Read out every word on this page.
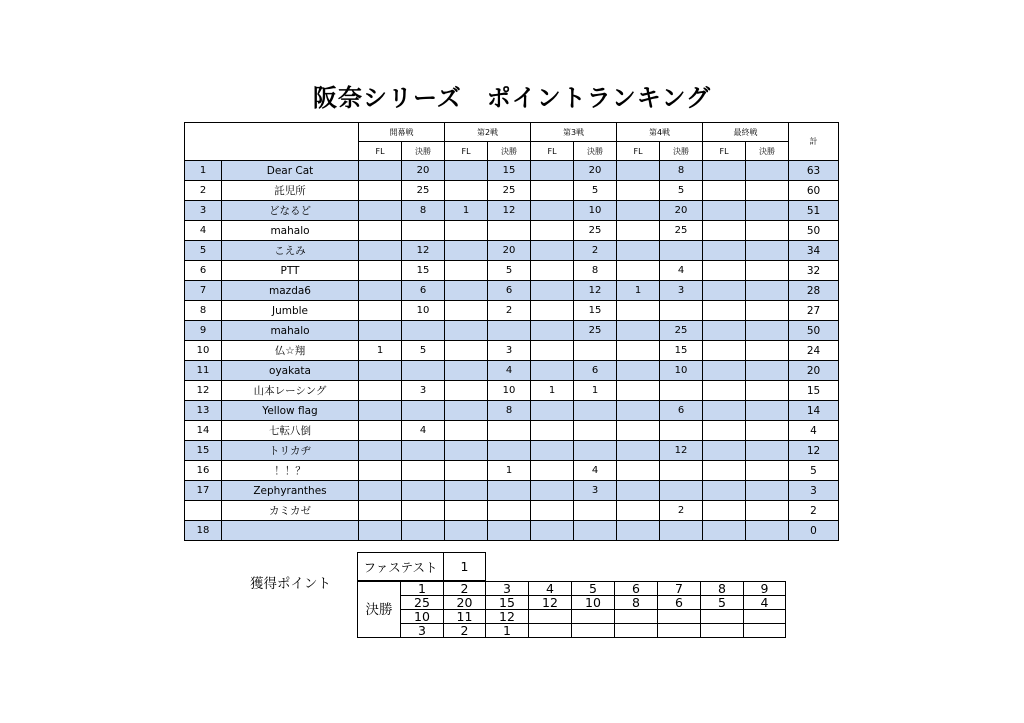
阪奈シリーズ　ポイントランキング
		開幕戦		第2戦		第3戦		第4戦		最終戦		計
		FL	決勝	FL	決勝	FL	決勝	FL	決勝	FL	決勝	
1	Dear Cat		20		15		20		8			63
2	託児所		25		25		5		5			60
3	どなるど		8	1	12		10		20			51
4	mahalo						25		25			50
5	こえみ		12		20		2					34
6	PTT		15		5		8		4			32
7	mazda6		6		6		12	1	3			28
8	Jumble		10		2		15					27
9	mahalo						25		25			50
10	仏☆翔	1	5		3				15			24
11	oyakata				4		6		10			20
12	山本レーシング		3		10	1	1					15
13	Yellow flag				8				6			14
14	七転八倒		4									4
15	トリカヂ								12			12
16	！！？				1		4					5
17	Zephyranthes						3					3
	カミカゼ								2			2
18												0
獲得ポイント
ファステスト	1
決勝	1	2	3	4	5	6	7	8	9
	25	20	15	12	10	8	6	5	4
	10	11	12						
	3	2	1						
